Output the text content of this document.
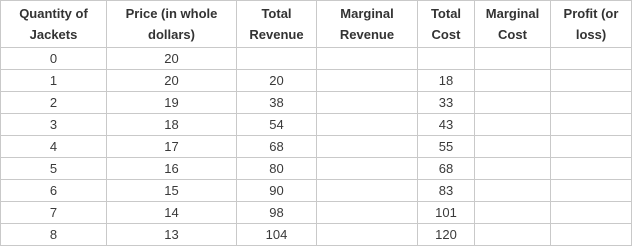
Quantity of Jackets	Price (in whole dollars)	Total Revenue	Marginal Revenue	Total Cost	Marginal Cost	Profit (or loss)
0	20					
1	20	20		18		
2	19	38		33		
3	18	54		43		
4	17	68		55		
5	16	80		68		
6	15	90		83		
7	14	98		101		
8	13	104		120		
